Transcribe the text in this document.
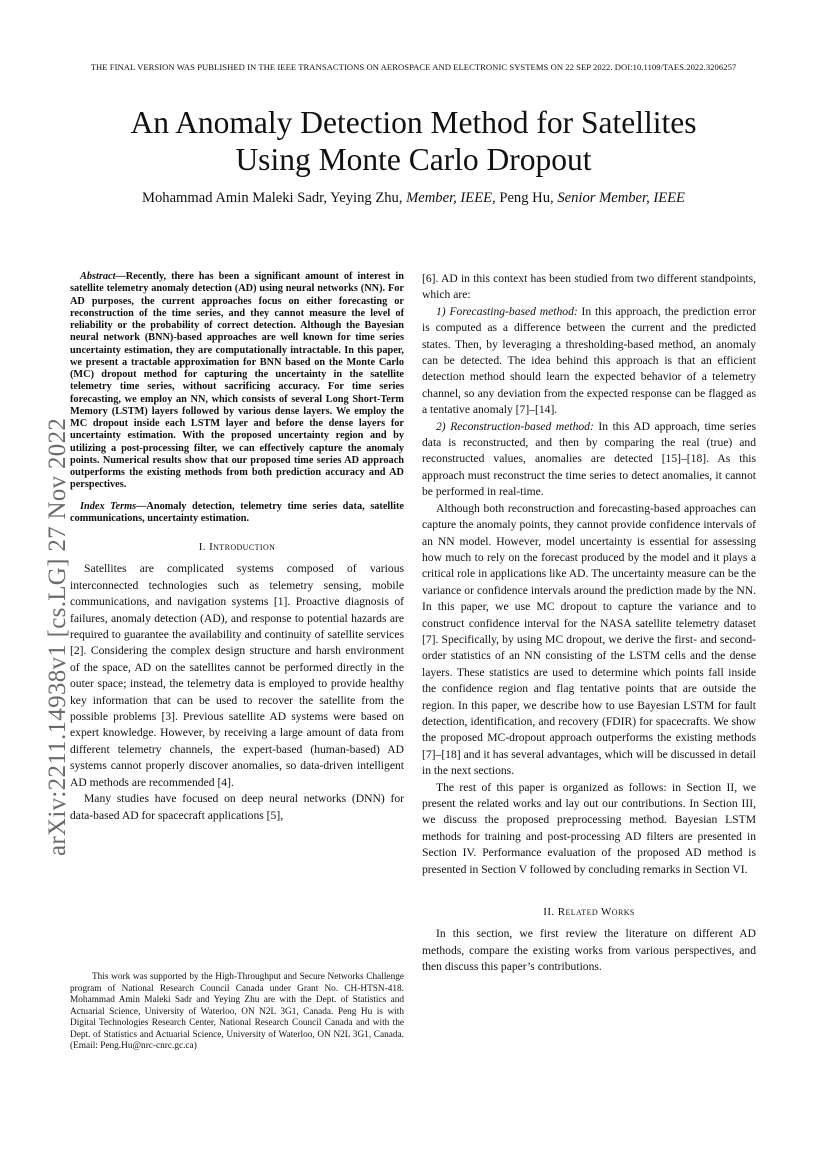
THE FINAL VERSION WAS PUBLISHED IN THE IEEE TRANSACTIONS ON AEROSPACE AND ELECTRONIC SYSTEMS ON 22 SEP 2022. DOI:10.1109/TAES.2022.3206257
An Anomaly Detection Method for Satellites
Using Monte Carlo Dropout
Mohammad Amin Maleki Sadr, Yeying Zhu, Member, IEEE, Peng Hu, Senior Member, IEEE
arXiv:2211.14938v1 [cs.LG] 27 Nov 2022
Abstract—Recently, there has been a significant amount of interest in satellite telemetry anomaly detection (AD) using neural networks (NN). For AD purposes, the current approaches focus on either forecasting or reconstruction of the time series, and they cannot measure the level of reliability or the probability of correct detection. Although the Bayesian neural network (BNN)-based approaches are well known for time series uncertainty estimation, they are computationally intractable. In this paper, we present a tractable approximation for BNN based on the Monte Carlo (MC) dropout method for capturing the uncertainty in the satellite telemetry time series, without sacrificing accuracy. For time series forecasting, we employ an NN, which consists of several Long Short-Term Memory (LSTM) layers followed by various dense layers. We employ the MC dropout inside each LSTM layer and before the dense layers for uncertainty estimation. With the proposed uncertainty region and by utilizing a post-processing filter, we can effectively capture the anomaly points. Numerical results show that our proposed time series AD approach outperforms the existing methods from both prediction accuracy and AD perspectives.
Index Terms—Anomaly detection, telemetry time series data, satellite communications, uncertainty estimation.
I. Introduction

Satellites are complicated systems composed of various interconnected technologies such as telemetry sensing, mobile communications, and navigation systems [1]. Proactive diagnosis of failures, anomaly detection (AD), and response to potential hazards are required to guarantee the availability and continuity of satellite services [2]. Considering the complex design structure and harsh environment of the space, AD on the satellites cannot be performed directly in the outer space; instead, the telemetry data is employed to provide healthy key information that can be used to recover the satellite from the possible problems [3]. Previous satellite AD systems were based on expert knowledge. However, by receiving a large amount of data from different telemetry channels, the expert-based (human-based) AD systems cannot properly discover anomalies, so data-driven intelligent AD methods are recommended [4].

Many studies have focused on deep neural networks (DNN) for data-based AD for spacecraft applications [5],

This work was supported by the High-Throughput and Secure Networks Challenge program of National Research Council Canada under Grant No. CH-HTSN-418. Mohammad Amin Maleki Sadr and Yeying Zhu are with the Dept. of Statistics and Actuarial Science, University of Waterloo, ON N2L 3G1, Canada. Peng Hu is with Digital Technologies Research Center, National Research Council Canada and with the Dept. of Statistics and Actuarial Science, University of Waterloo, ON N2L 3G1, Canada. (Email: Peng.Hu@nrc-cnrc.gc.ca)

[6]. AD in this context has been studied from two different standpoints, which are:

1) Forecasting-based method: In this approach, the prediction error is computed as a difference between the current and the predicted states. Then, by leveraging a thresholding-based method, an anomaly can be detected. The idea behind this approach is that an efficient detection method should learn the expected behavior of a telemetry channel, so any deviation from the expected response can be flagged as a tentative anomaly [7]–[14].

2) Reconstruction-based method: In this AD approach, time series data is reconstructed, and then by comparing the real (true) and reconstructed values, anomalies are detected [15]–[18]. As this approach must reconstruct the time series to detect anomalies, it cannot be performed in real-time.

Although both reconstruction and forecasting-based approaches can capture the anomaly points, they cannot provide confidence intervals of an NN model. However, model uncertainty is essential for assessing how much to rely on the forecast produced by the model and it plays a critical role in applications like AD. The uncertainty measure can be the variance or confidence intervals around the prediction made by the NN. In this paper, we use MC dropout to capture the variance and to construct confidence interval for the NASA satellite telemetry dataset [7]. Specifically, by using MC dropout, we derive the first- and second-order statistics of an NN consisting of the LSTM cells and the dense layers. These statistics are used to determine which points fall inside the confidence region and flag tentative points that are outside the region. In this paper, we describe how to use Bayesian LSTM for fault detection, identification, and recovery (FDIR) for spacecrafts. We show the proposed MC-dropout approach outperforms the existing methods [7]–[18] and it has several advantages, which will be discussed in detail in the next sections.

The rest of this paper is organized as follows: in Section II, we present the related works and lay out our contributions. In Section III, we discuss the proposed preprocessing method. Bayesian LSTM methods for training and post-processing AD filters are presented in Section IV. Performance evaluation of the proposed AD method is presented in Section V followed by concluding remarks in Section VI.

II. Related Works

In this section, we first review the literature on different AD methods, compare the existing works from various perspectives, and then discuss this paper’s contributions.
